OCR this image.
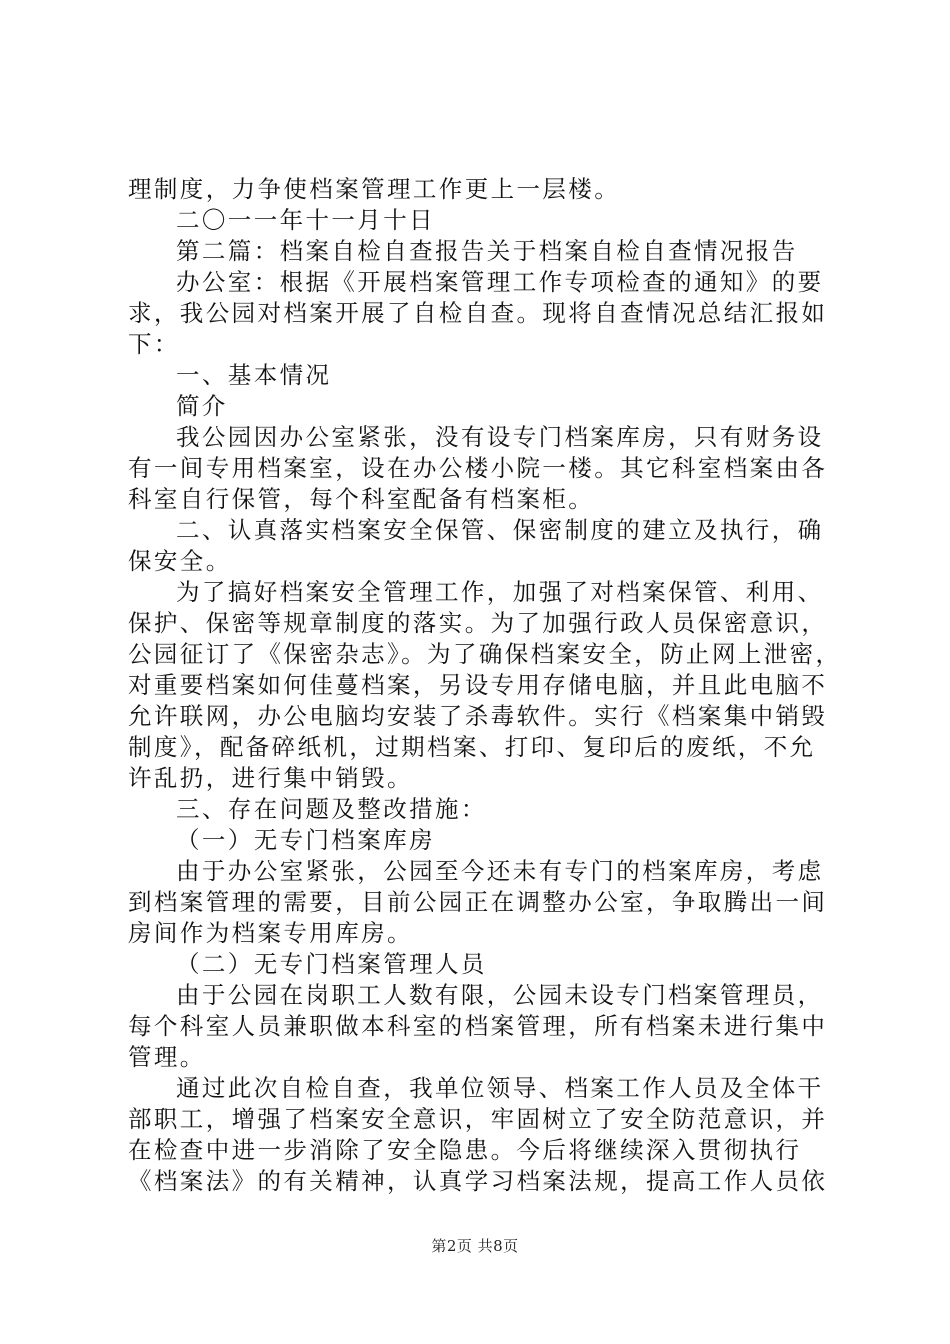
理制度，力争使档案管理工作更上一层楼。
二〇一一年十一月十日
第二篇：档案自检自查报告关于档案自检自查情况报告
办公室：根据《开展档案管理工作专项检查的通知》的要
求，我公园对档案开展了自检自查。现将自查情况总结汇报如
下：
一、基本情况
简介
我公园因办公室紧张，没有设专门档案库房，只有财务设
有一间专用档案室，设在办公楼小院一楼。其它科室档案由各
科室自行保管，每个科室配备有档案柜。
二、认真落实档案安全保管、保密制度的建立及执行，确
保安全。
为了搞好档案安全管理工作，加强了对档案保管、利用、
保护、保密等规章制度的落实。为了加强行政人员保密意识，
公园征订了《保密杂志》。为了确保档案安全，防止网上泄密，
对重要档案如何佳蔓档案，另设专用存储电脑，并且此电脑不
允许联网，办公电脑均安装了杀毒软件。实行《档案集中销毁
制度》，配备碎纸机，过期档案、打印、复印后的废纸，不允
许乱扔，进行集中销毁。
三、存在问题及整改措施：
（一）无专门档案库房
由于办公室紧张，公园至今还未有专门的档案库房，考虑
到档案管理的需要，目前公园正在调整办公室，争取腾出一间
房间作为档案专用库房。
（二）无专门档案管理人员
由于公园在岗职工人数有限，公园未设专门档案管理员，
每个科室人员兼职做本科室的档案管理，所有档案未进行集中
管理。
通过此次自检自查，我单位领导、档案工作人员及全体干
部职工，增强了档案安全意识，牢固树立了安全防范意识，并
在检查中进一步消除了安全隐患。今后将继续深入贯彻执行
《档案法》的有关精神，认真学习档案法规，提高工作人员依
第2页 共8页
